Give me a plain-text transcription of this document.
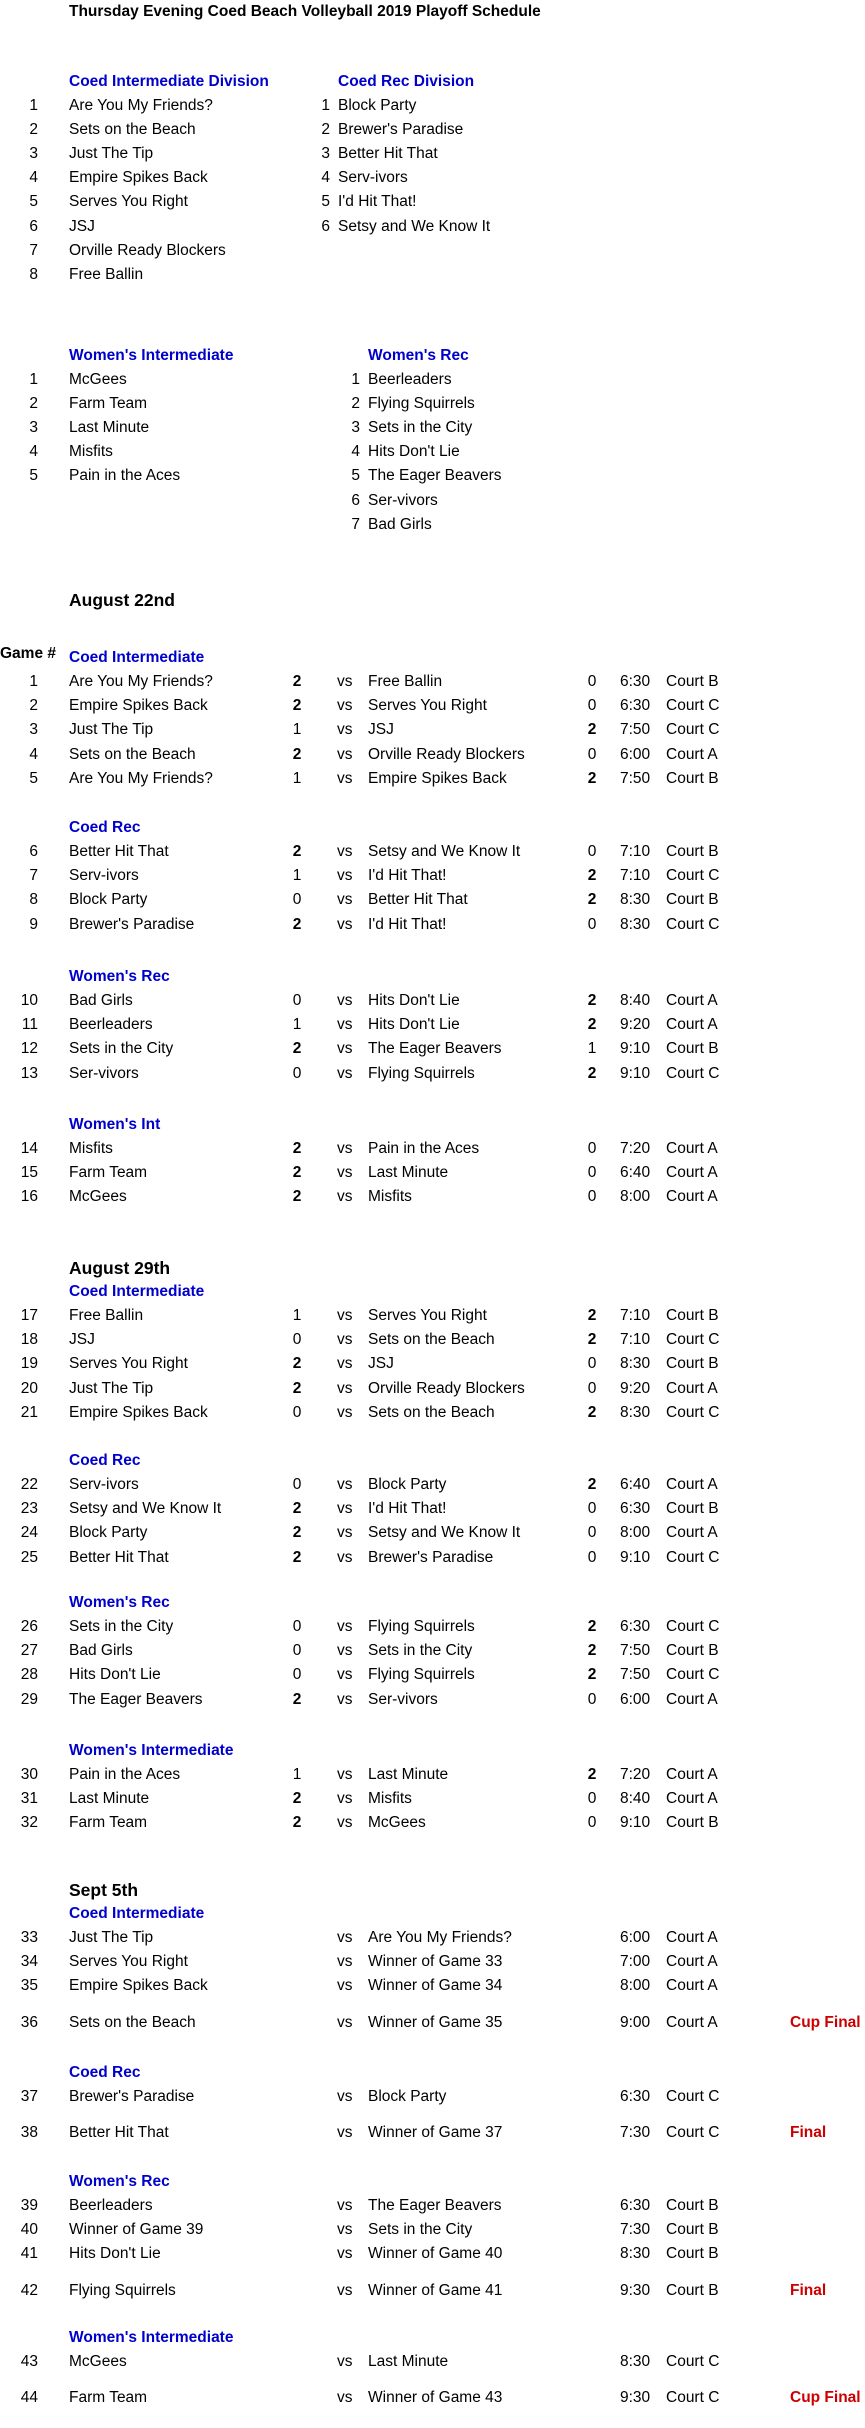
Thursday Evening Coed Beach Volleyball 2019 Playoff Schedule
Coed Intermediate Division
1 Are You My Friends?
2 Sets on the Beach
3 Just The Tip
4 Empire Spikes Back
5 Serves You Right
6 JSJ
7 Orville Ready Blockers
8 Free Ballin
Coed Rec Division
1 Block Party
2 Brewer's Paradise
3 Better Hit That
4 Serv-ivors
5 I'd Hit That!
6 Setsy and We Know It
Women's Intermediate
1 McGees
2 Farm Team
3 Last Minute
4 Misfits
5 Pain in the Aces
Women's Rec
1 Beerleaders
2 Flying Squirrels
3 Sets in the City
4 Hits Don't Lie
5 The Eager Beavers
6 Ser-vivors
7 Bad Girls
Game #
August 22nd
Coed Intermediate
1 Are You My Friends?	2	vs Free Ballin	0	6:30 Court B
2 Empire Spikes Back	2	vs Serves You Right	0	6:30 Court C
3 Just The Tip	1	vs JSJ	2	7:50 Court C
4 Sets on the Beach	2	vs Orville Ready Blockers	0	6:00 Court A
5 Are You My Friends?	1	vs Empire Spikes Back	2	7:50 Court B
Coed Rec
6 Better Hit That	2	vs Setsy and We Know It	0	7:10 Court B
7 Serv-ivors	1	vs I'd Hit That!	2	7:10 Court C
8 Block Party	0	vs Better Hit That	2	8:30 Court B
9 Brewer's Paradise	2	vs I'd Hit That!	0	8:30 Court C
Women's Rec
10 Bad Girls	0	vs Hits Don't Lie	2	8:40 Court A
11 Beerleaders	1	vs Hits Don't Lie	2	9:20 Court A
12 Sets in the City	2	vs The Eager Beavers	1	9:10 Court B
13 Ser-vivors	0	vs Flying Squirrels	2	9:10 Court C
Women's Int
14 Misfits	2	vs Pain in the Aces	0	7:20 Court A
15 Farm Team	2	vs Last Minute	0	6:40 Court A
16 McGees	2	vs Misfits	0	8:00 Court A
August 29th
Coed Intermediate
17 Free Ballin	1	vs Serves You Right	2	7:10 Court B
18 JSJ	0	vs Sets on the Beach	2	7:10 Court C
19 Serves You Right	2	vs JSJ	0	8:30 Court B
20 Just The Tip	2	vs Orville Ready Blockers	0	9:20 Court A
21 Empire Spikes Back	0	vs Sets on the Beach	2	8:30 Court C
Coed Rec
22 Serv-ivors	0	vs Block Party	2	6:40 Court A
23 Setsy and We Know It	2	vs I'd Hit That!	0	6:30 Court B
24 Block Party	2	vs Setsy and We Know It	0	8:00 Court A
25 Better Hit That	2	vs Brewer's Paradise	0	9:10 Court C
Women's Rec
26 Sets in the City	0	vs Flying Squirrels	2	6:30 Court C
27 Bad Girls	0	vs Sets in the City	2	7:50 Court B
28 Hits Don't Lie	0	vs Flying Squirrels	2	7:50 Court C
29 The Eager Beavers	2	vs Ser-vivors	0	6:00 Court A
Women's Intermediate
30 Pain in the Aces	1	vs Last Minute	2	7:20 Court A
31 Last Minute	2	vs Misfits	0	8:40 Court A
32 Farm Team	2	vs McGees	0	9:10 Court B
Sept 5th
Coed Intermediate
33 Just The Tip	vs Are You My Friends?	6:00 Court A
34 Serves You Right	vs Winner of Game 33	7:00 Court A
35 Empire Spikes Back	vs Winner of Game 34	8:00 Court A
36 Sets on the Beach	vs Winner of Game 35	9:00 Court A	Cup Final
Coed Rec
37 Brewer's Paradise	vs Block Party	6:30 Court C
38 Better Hit That	vs Winner of Game 37	7:30 Court C	Final
Women's Rec
39 Beerleaders	vs The Eager Beavers	6:30 Court B
40 Winner of Game 39	vs Sets in the City	7:30 Court B
41 Hits Don't Lie	vs Winner of Game 40	8:30 Court B
42 Flying Squirrels	vs Winner of Game 41	9:30 Court B	Final
Women's Intermediate
43 McGees	vs Last Minute	8:30 Court C
44 Farm Team	vs Winner of Game 43	9:30 Court C	Cup Final
